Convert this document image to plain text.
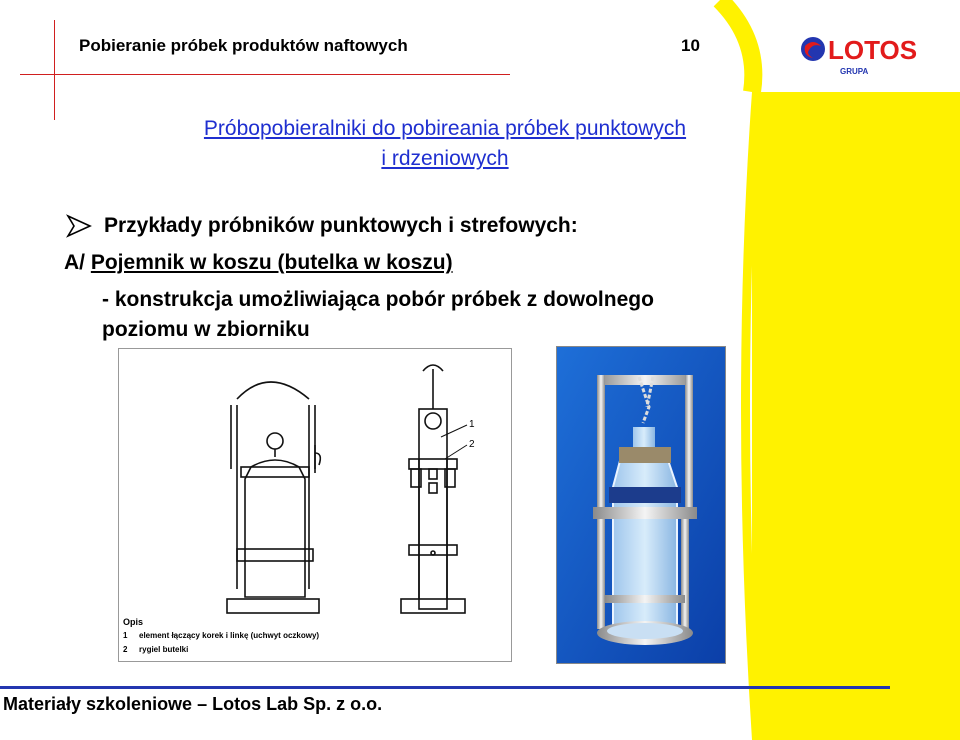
Pobieranie próbek produktów naftowych	10	LOTOS
GRUPA
Próbopobieralniki do pobireania próbek punktowych
i rdzeniowych
Przykłady próbników punktowych i strefowych:
A/ Pojemnik w koszu (butelka w koszu)
- konstrukcja umożliwiająca pobór próbek z dowolnego
poziomu w zbiorniku
1
2
Opis
1 element łączący korek i linkę (uchwyt oczkowy)
2 rygiel butelki
Materiały szkoleniowe – Lotos Lab Sp. z o.o.
